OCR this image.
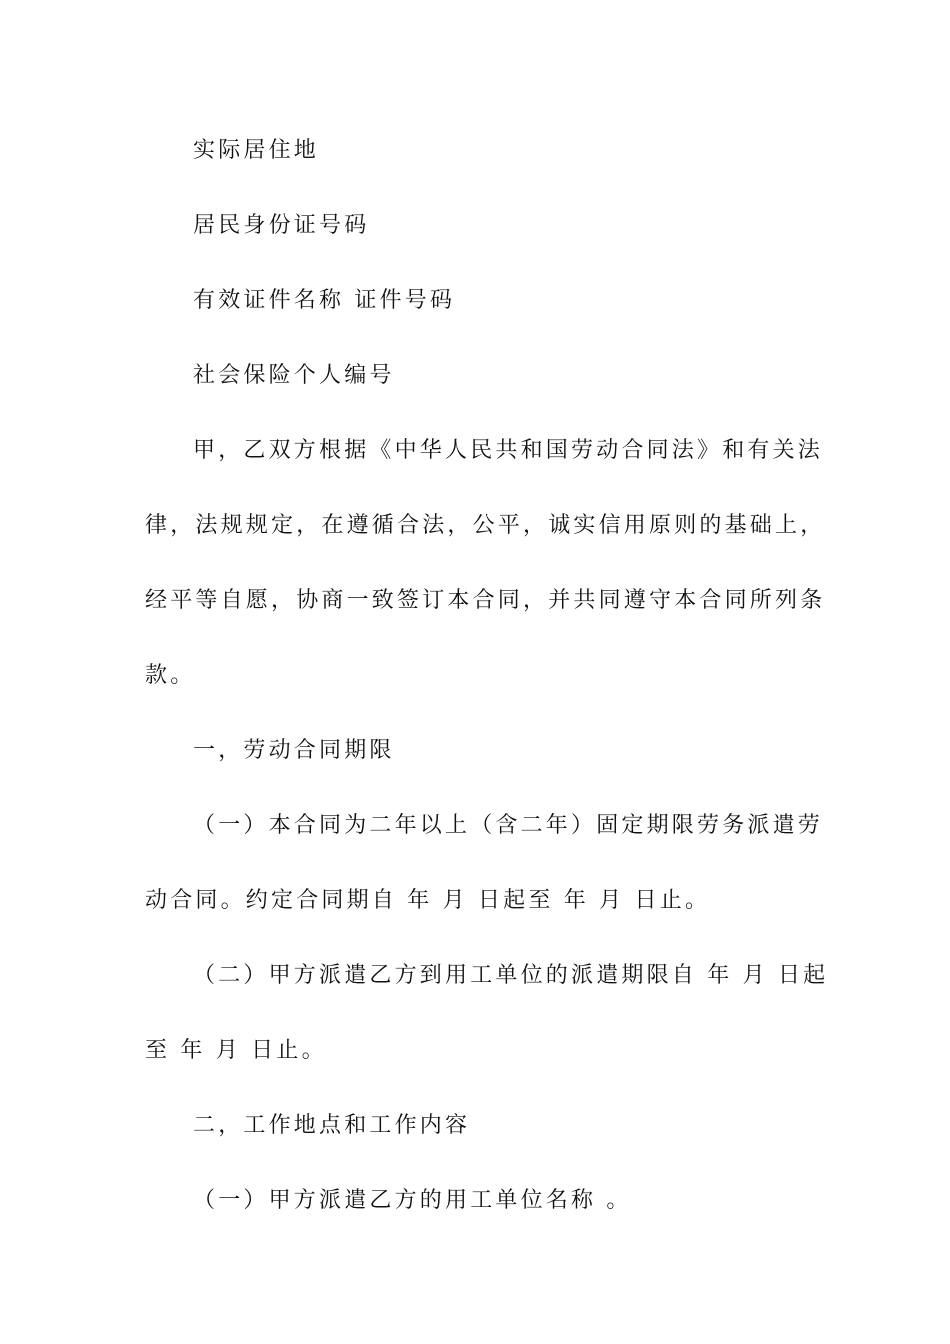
实际居住地
居民身份证号码
有效证件名称 证件号码
社会保险个人编号
甲，乙双方根据《中华人民共和国劳动合同法》和有关法
律，法规规定，在遵循合法，公平，诚实信用原则的基础上，
经平等自愿，协商一致签订本合同，并共同遵守本合同所列条
款。
一，劳动合同期限
（一）本合同为二年以上（含二年）固定期限劳务派遣劳
动合同。约定合同期自 年 月 日起至 年 月 日止。
（二）甲方派遣乙方到用工单位的派遣期限自 年 月 日起
至 年 月 日止。
二，工作地点和工作内容
（一）甲方派遣乙方的用工单位名称 。
